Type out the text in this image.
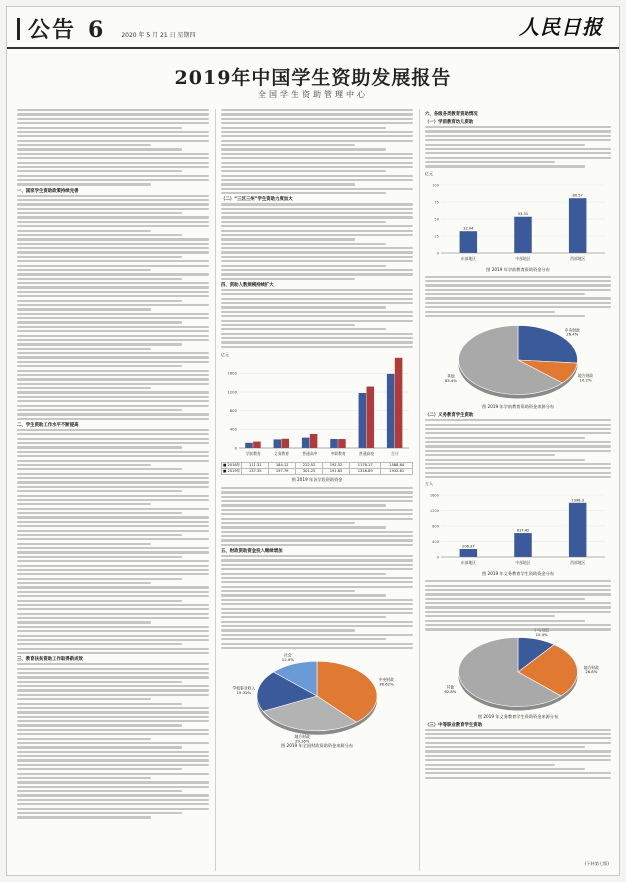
公告 6	2020 年 5 月 21 日 星期四	人民日报
2019年中国学生资助发展报告
全国学生资助管理中心
一、国家学生资助政策持续完善
二、学生资助工作水平不断提高
三、教育扶贫资助工作取得新成效
（二）“三区三州”学生资助力度加大
四、资助人数规模持续扩大
亿元
0
400
800
1200
1600
学前教育	义务教育	普通高中	中职教育	普通高校	合计
■ 2018年	111.31	184.12	222.52	192.52	1178.17	1588.64
■ 2019年	137.35	197.79	301.25	191.85	1316.89	1932.81
图 2019 年各学段资助资金
五、财政资助资金投入继续增加
中央财政
38.62%
地方财政
29.16%
学校事业收入
19.32%
社会
12.9%
图 2019 年全国财政资助资金来源分布
六、各级各类教育资助情况
（一）学前教育幼儿资助
亿元
0
25
50
75
100
32.04
东部地区
53.31
中部地区
80.57
西部地区
图 2019 年学前教育资助资金分布
中央财政
26.4%
地方财政
10.2%
其他
63.4%
图 2019 年学前教育资助资金来源分布
（二）义务教育学生资助
万人
0
400
800
1200
1600
206.37
东部地区
617.42
中部地区
1398.3
西部地区
图 2019 年义务教育学生资助资金分布
10.4%
地方财政
26.8%
其他
62.8%
图 2019 年义务教育学生资助资金来源分布
（三）中等职业教育学生资助
(下转第七版)
